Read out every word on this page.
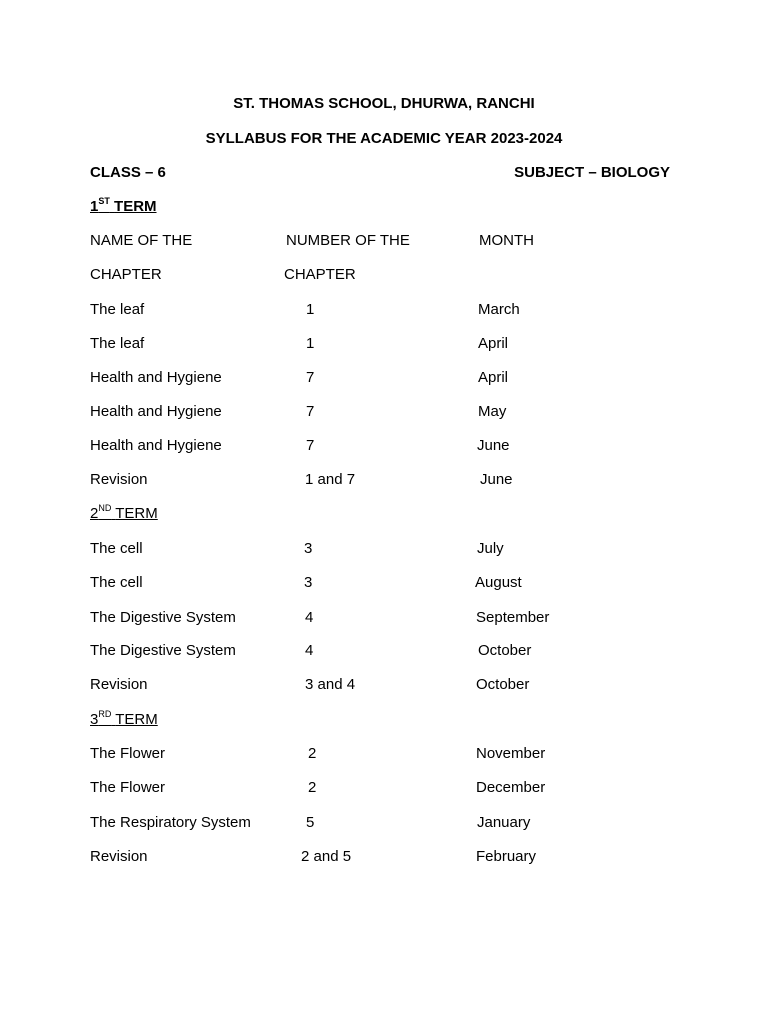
ST. THOMAS SCHOOL, DHURWA, RANCHI
SYLLABUS FOR THE ACADEMIC YEAR 2023-2024
CLASS – 6	SUBJECT – BIOLOGY
1ST TERM
NAME OF THE	NUMBER OF THE	MONTH
CHAPTER	CHAPTER
The leaf	1	March
The leaf	1	April
Health and Hygiene	7	April
Health and Hygiene	7	May
Health and Hygiene	7	June
Revision	1 and 7	June
2ND TERM
The cell	3	July
The cell	3	August
The Digestive System	4	September
The Digestive System	4	October
Revision	3 and 4	October
3RD TERM
The Flower	2	November
The Flower	2	December
The Respiratory System	5	January
Revision	2 and 5	February
